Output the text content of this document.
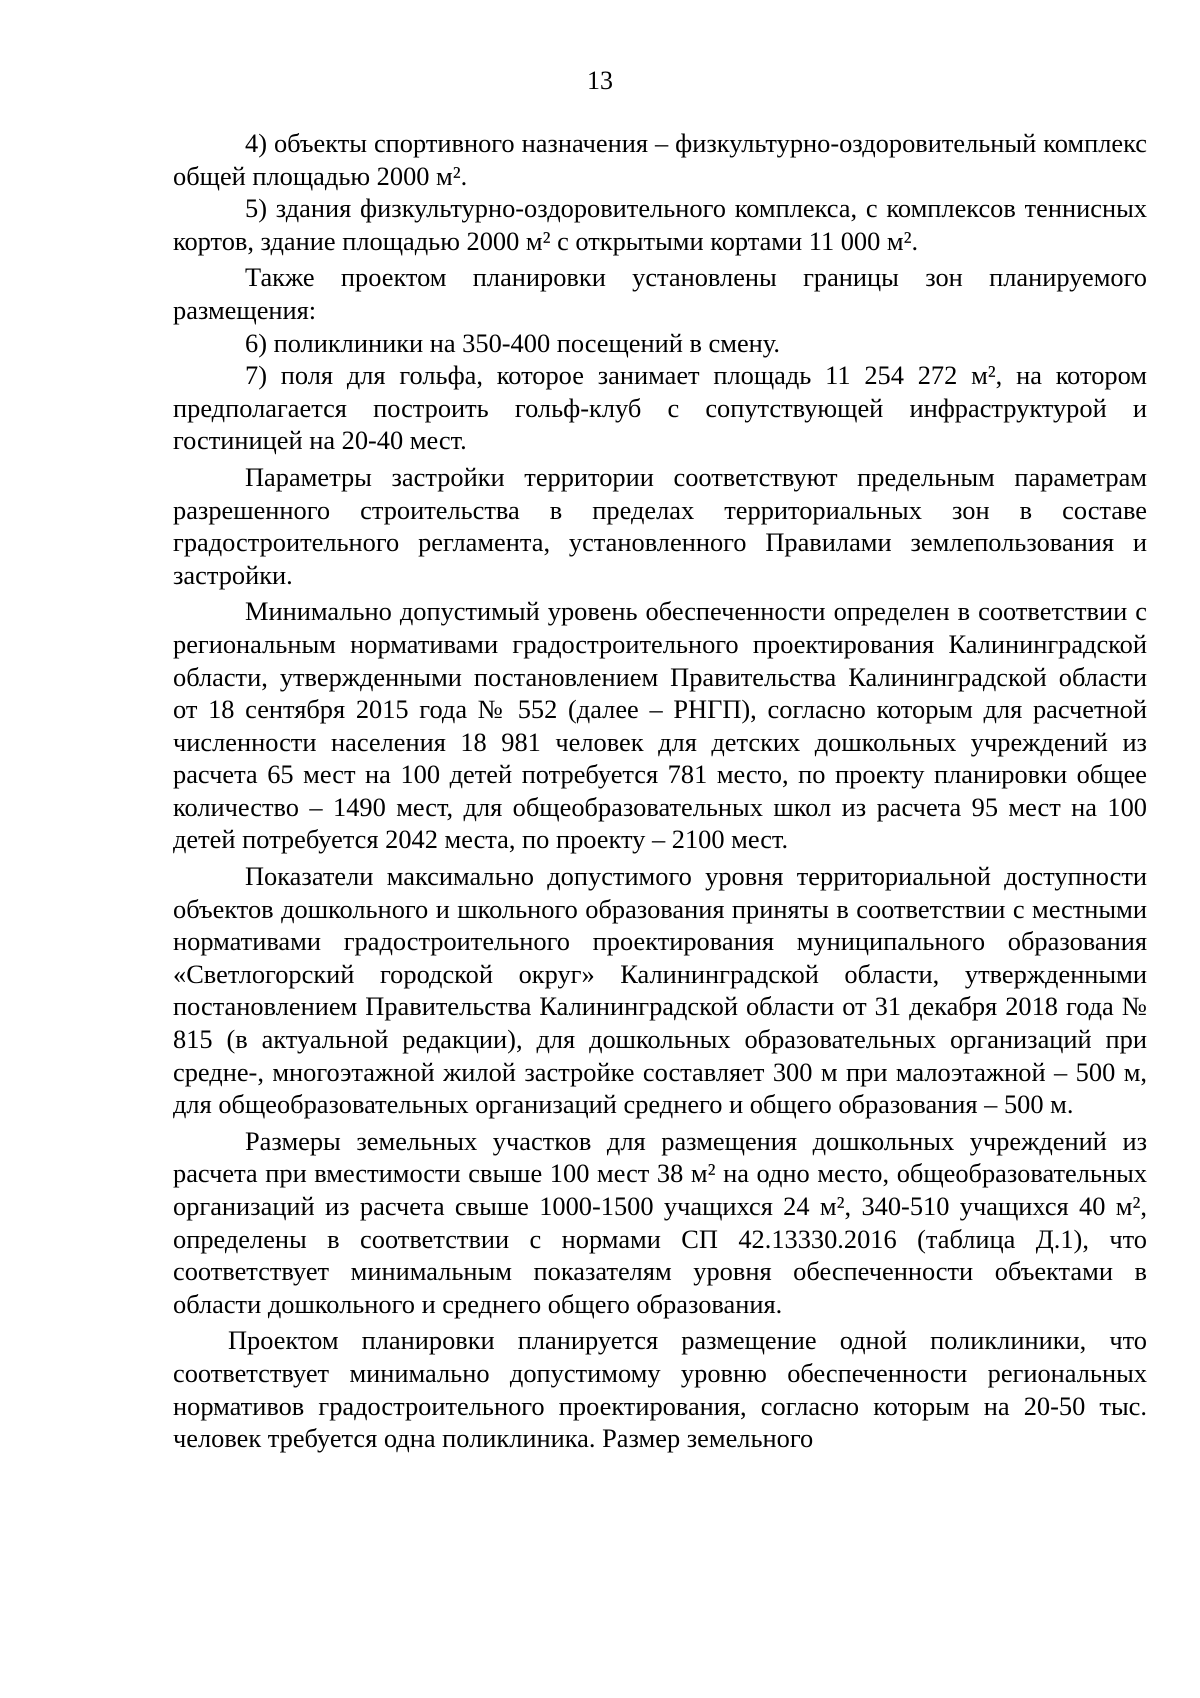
13

4) объекты спортивного назначения – физкультурно-оздоровительный комплекс общей площадью 2000 м².

5) здания физкультурно-оздоровительного комплекса, с комплексов теннисных кортов, здание площадью 2000 м² с открытыми кортами 11 000 м².

Также проектом планировки установлены границы зон планируемого размещения:

6) поликлиники на 350-400 посещений в смену.

7) поля для гольфа, которое занимает площадь 11 254 272 м², на котором предполагается построить гольф-клуб с сопутствующей инфраструктурой и гостиницей на 20-40 мест.

Параметры застройки территории соответствуют предельным параметрам разрешенного строительства в пределах территориальных зон в составе градостроительного регламента, установленного Правилами землепользования и застройки.

Минимально допустимый уровень обеспеченности определен в соответствии с региональным нормативами градостроительного проектирования Калининградской области, утвержденными постановлением Правительства Калининградской области от 18 сентября 2015 года № 552 (далее – РНГП), согласно которым для расчетной численности населения 18 981 человек для детских дошкольных учреждений из расчета 65 мест на 100 детей потребуется 781 место, по проекту планировки общее количество – 1490 мест, для общеобразовательных школ из расчета 95 мест на 100 детей потребуется 2042 места, по проекту – 2100 мест.

Показатели максимально допустимого уровня территориальной доступности объектов дошкольного и школьного образования приняты в соответствии с местными нормативами градостроительного проектирования муниципального образования «Светлогорский городской округ» Калининградской области, утвержденными постановлением Правительства Калининградской области от 31 декабря 2018 года № 815 (в актуальной редакции), для дошкольных образовательных организаций при средне-, многоэтажной жилой застройке составляет 300 м при малоэтажной – 500 м, для общеобразовательных организаций среднего и общего образования – 500 м.

Размеры земельных участков для размещения дошкольных учреждений из расчета при вместимости свыше 100 мест 38 м² на одно место, общеобразовательных организаций из расчета свыше 1000-1500 учащихся 24 м², 340-510 учащихся 40 м², определены в соответствии с нормами СП 42.13330.2016 (таблица Д.1), что соответствует минимальным показателям уровня обеспеченности объектами в области дошкольного и среднего общего образования.

Проектом планировки планируется размещение одной поликлиники, что соответствует минимально допустимому уровню обеспеченности региональных нормативов градостроительного проектирования, согласно которым на 20-50 тыс. человек требуется одна поликлиника. Размер земельного
